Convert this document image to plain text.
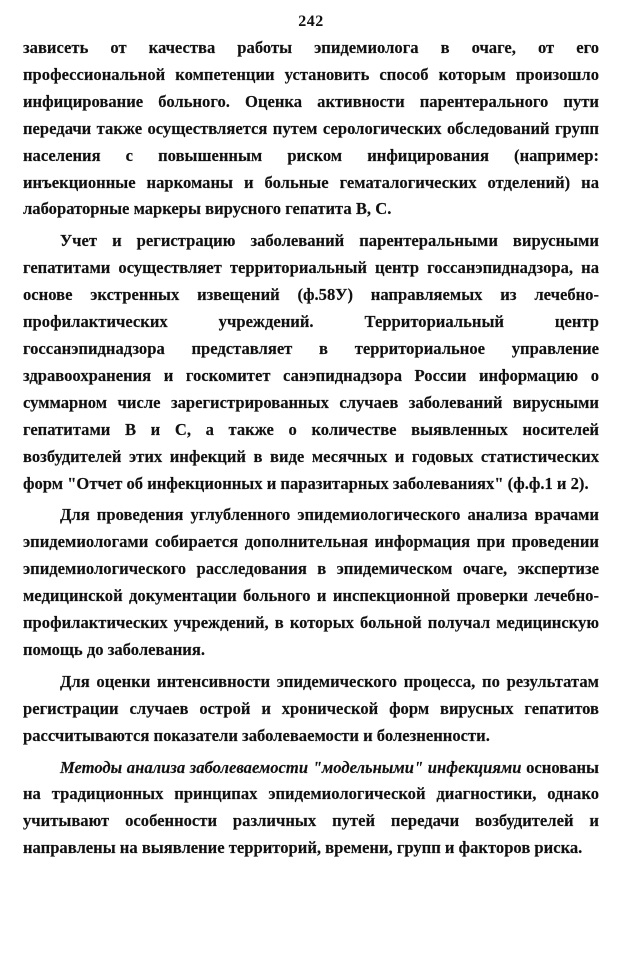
242

зависеть от качества работы эпидемиолога в очаге, от его профессиональной компетенции установить способ которым произошло инфицирование больного. Оценка активности парентерального пути передачи также осуществляется путем серологических обследований групп населения с повышенным риском инфицирования (например: инъекционные наркоманы и больные гематалогических отделений) на лабораторные маркеры вирусного гепатита В, С.

Учет и регистрацию заболеваний парентеральными вирусными гепатитами осуществляет территориальный центр госсанэпиднадзора, на основе экстренных извещений (ф.58У) направляемых из лечебно-профилактических учреждений. Территориальный центр госсанэпиднадзора представляет в территориальное управление здравоохранения и госкомитет санэпиднадзора России информацию о суммарном числе зарегистрированных случаев заболеваний вирусными гепатитами В и С, а также о количестве выявленных носителей возбудителей этих инфекций в виде месячных и годовых статистических форм "Отчет об инфекционных и паразитарных заболеваниях" (ф.ф.1 и 2).

Для проведения углубленного эпидемиологического анализа врачами эпидемиологами собирается дополнительная информация при проведении эпидемиологического расследования в эпидемическом очаге, экспертизе медицинской документации больного и инспекционной проверки лечебно-профилактических учреждений, в которых больной получал медицинскую помощь до заболевания.

Для оценки интенсивности эпидемического процесса, по результатам регистрации случаев острой и хронической форм вирусных гепатитов рассчитываются показатели заболеваемости и болезненности.

Методы анализа заболеваемости "модельными" инфекциями основаны на традиционных принципах эпидемиологической диагностики, однако учитывают особенности различных путей передачи возбудителей и направлены на выявление территорий, времени, групп и факторов риска.
